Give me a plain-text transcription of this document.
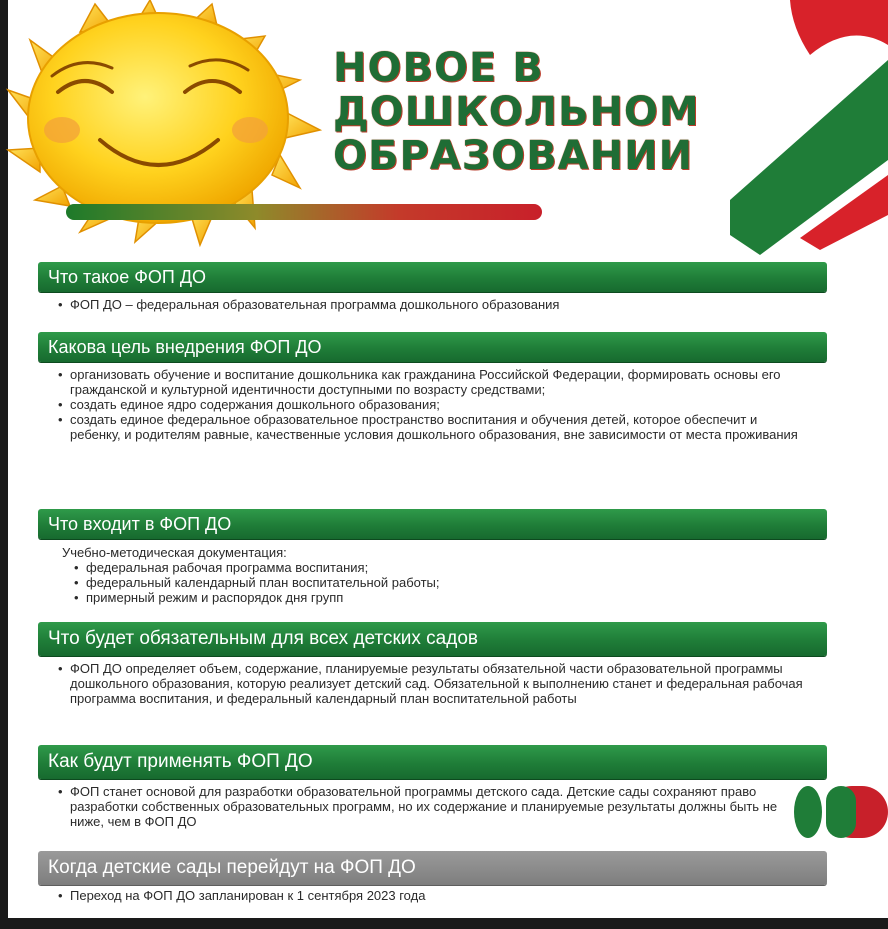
НОВОЕ В
ДОШКОЛЬНОМ
ОБРАЗОВАНИИ
Что такое ФОП ДО
• ФОП ДО – федеральная образовательная программа дошкольного образования
Какова цель внедрения ФОП ДО
• организовать обучение и воспитание дошкольника как гражданина Российской Федерации, формировать основы его гражданской и культурной идентичности доступными по возрасту средствами;
• создать единое ядро содержания дошкольного образования;
• создать единое федеральное образовательное пространство воспитания и обучения детей, которое обеспечит и ребенку, и родителям равные, качественные условия дошкольного образования, вне зависимости от места проживания
Что входит в ФОП ДО
Учебно-методическая документация:
• федеральная рабочая программа воспитания;
• федеральный календарный план воспитательной работы;
• примерный режим и распорядок дня групп
Что будет обязательным для всех детских садов
• ФОП ДО определяет объем, содержание, планируемые результаты обязательной части образовательной программы дошкольного образования, которую реализует детский сад. Обязательной к выполнению станет и федеральная рабочая программа воспитания, и федеральный календарный план воспитательной работы
Как будут применять ФОП ДО
• ФОП станет основой для разработки образовательной программы детского сада. Детские сады сохраняют право разработки собственных образовательных программ, но их содержание и планируемые результаты должны быть не ниже, чем в ФОП ДО
Когда детские сады перейдут на ФОП ДО
• Переход на ФОП ДО запланирован к 1 сентября 2023 года
